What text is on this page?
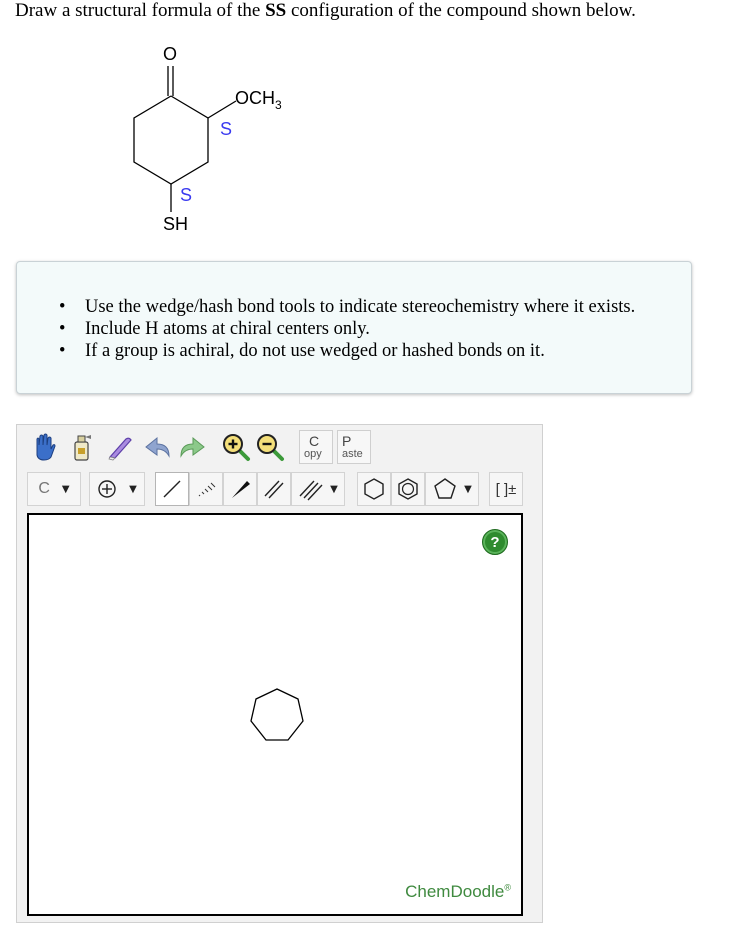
Draw a structural formula of the SS configuration of the compound shown below.
O
$OCH_3$
S
S
SH
• Use the wedge/hash bond tools to indicate stereochemistry where it exists.
• Include H atoms at chiral centers only.
• If a group is achiral, do not use wedged or hashed bonds on it.
C
opy
P
aste
C ▼	▼	▼	▼ [ ]±
?
ChemDoodle®
